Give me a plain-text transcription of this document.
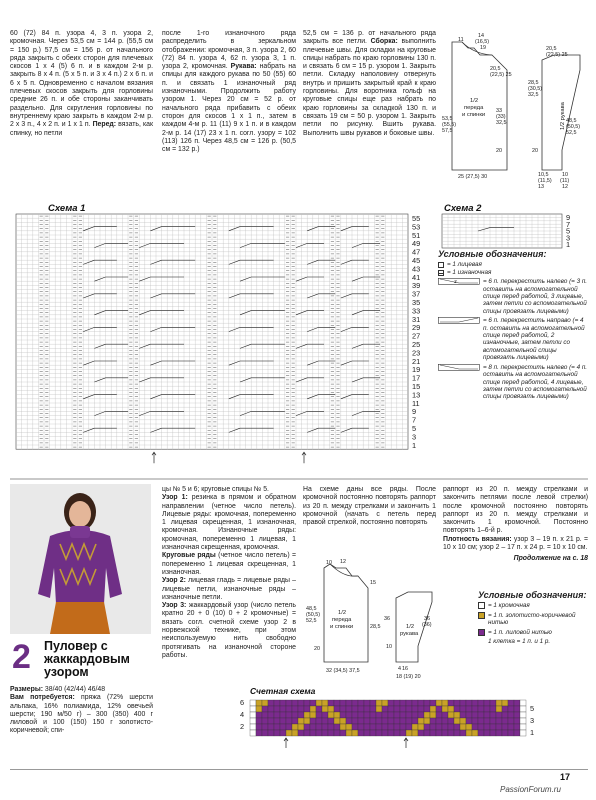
60 (72) 84 п. узора 4, 3 п. узора 2, кромочная. Через 53,5 см = 144 р. (55,5 см = 150 р.) 57,5 см = 156 р. от начального ряда закрыть с обеих сторон для плечевых скосов 1 х 4 (5) 6 п. и в каждом 2-м р. закрыть 8 х 4 п. (5 х 5 п. и 3 х 4 п.) 2 х 6 п. и 6 х 5 п. Одновременно с началом вязания плечевых скосов закрыть для горловины средние 26 п. и обе стороны заканчивать раздельно. Для скругления горловины по внутреннему краю закрыть в каждом 2-м р. 2 х 3 п., 4 х 2 п. и 1 х 1 п. Перед: вязать, как спинку, но петли
после 1-го изнаночного ряда распределить в зеркальном отображении: кромочная, 3 п. узора 2, 60 (72) 84 п. узора 4, 62 п. узора 3, 1 п. узора 2, кромочная. Рукава: набрать на спицы для каждого рукава по 50 (55) 60 п. и связать 1 изнаночный ряд изнаночными. Продолжить работу узором 1. Через 20 см = 52 р. от начального ряда прибавить с обеих сторон для скосов 1 х 1 п., затем в каждом 4-м р. 11 (11) 9 х 1 п. и в каждом 2-м р. 14 (17) 23 х 1 п. согл. узору = 102 (113) 126 п. Через 48,5 см = 126 р. (50,5 см = 132 р.)
52,5 см = 136 р. от начального ряда закрыть все петли. Сборка: выполнить плечевые швы. Для складки на круговые спицы набрать по краю горловины 130 п. и связать 6 см = 15 р. узором 1. Закрыть петли. Складку наполовину отвернуть внутрь и пришить закрытый край к краю горловины. Для воротника гольф на круговые спицы еще раз набрать по краю горловины за складкой 130 п. и связать 19 см = 50 р. узором 1. Закрыть петли по рисунку. Вшить рукава. Выполнить швы рукавов и боковые швы.
1/2 переда и спинки
11
14
(16,5)
19
20,5
(22,5) 25
53,5
(55,5)
57,5
33
(33)
32,5
20
25 (27,5) 30
1/2 рукава
20,5
(22,5) 25
28,5
(30,5)
32,5
48,5
(50,5)
52,5
20
10,5
(11,5)
13
10
(11)
12
Схема 1
55
53
51
49
47
45
43
41
39
37
35
33
31
29
27
25
23
21
19
17
15
13
11
9
7
5
3
1
Схема 2
9
7
5
3
1
Условные обозначения:
= 1 лицевая
= 1 изнаночная
3	= 6 п. перекрестить налево (= 3 п. оставить на вспомогательной спице перед работой, 3 лицевые, затем петли со вспомогательной спицы провязать лицевыми)
= 6 п. перекрестить направо (= 4 п. оставить на вспомогательной спице перед работой, 2 изнаночные, затем петли со вспомогательной спицы провязать лицевыми)
= 8 п. перекрестить налево (= 4 п. оставить на вспомогательной спице перед работой, 4 лицевые, затем петли со вспомогательной спицы провязать лицевыми)
2 Пуловер с жаккардовым узором
Размеры: 38/40 (42/44) 46/48
Вам потребуется: пряжа (72% шерсти альпака, 16% полиамида, 12% овечьей шерсти; 190 м/50 г) – 300 (350) 400 г лиловой и 100 (150) 150 г золотисто-коричневой; спи-
цы № 5 и 6; круговые спицы № 5.
Узор 1: резинка в прямом и обратном направлении (четное число петель). Лицевые ряды: кромочная, попеременно 1 лицевая скрещенная, 1 изнаночная, кромочная. Изнаночные ряды: кромочная, попеременно 1 лицевая, 1 изнаночная скрещенная, кромочная.
Круговые ряды (четное число петель) = попеременно 1 лицевая скрещенная, 1 изнаночная.
Узор 2: лицевая гладь = лицевые ряды – лицевые петли, изнаночные ряды – изнаночные петли.
Узор 3: жаккардовый узор (число петель кратно 20 + 0 (10) 0 + 2 кромочные) = вязать согл. счетной схеме узор 2 в норвежской технике, при этом неиспользуемую нить свободно протягивать на изнаночной стороне работы.
На схеме даны все ряды. После кромочной постоянно повторять раппорт из 20 п. между стрелками и закончить 1 кромочной (начать с петель перед правой стрелкой, постоянно повторять
раппорт из 20 п. между стрелками и закончить петлями после левой стрелки) после кромочной постоянно повторять раппорт из 20 п. между стрелками и закончить 1 кромочной. Постоянно повторять 1–6-й р.
Плотность вязания: узор 3 – 19 п. x 21 р. = 10 x 10 см; узор 2 – 17 п. x 24 р. = 10 x 10 см.
Продолжение на с. 18
1/2 переда и спинки
10 12
15
48,5
(50,5)
52,5
28,5
20
32 (34,5) 37,5
1/2 рукава
36	36
(36)
10
4 16
18 (19) 20
Условные обозначения:
= 1 кромочная
= 1 п. золотисто-коричневой нитью
= 1 п. лиловой нитью
1 клетка = 1 п. и 1 р.
Счетная схема
6
4
2
5
3
1
17
PassionForum.ru
